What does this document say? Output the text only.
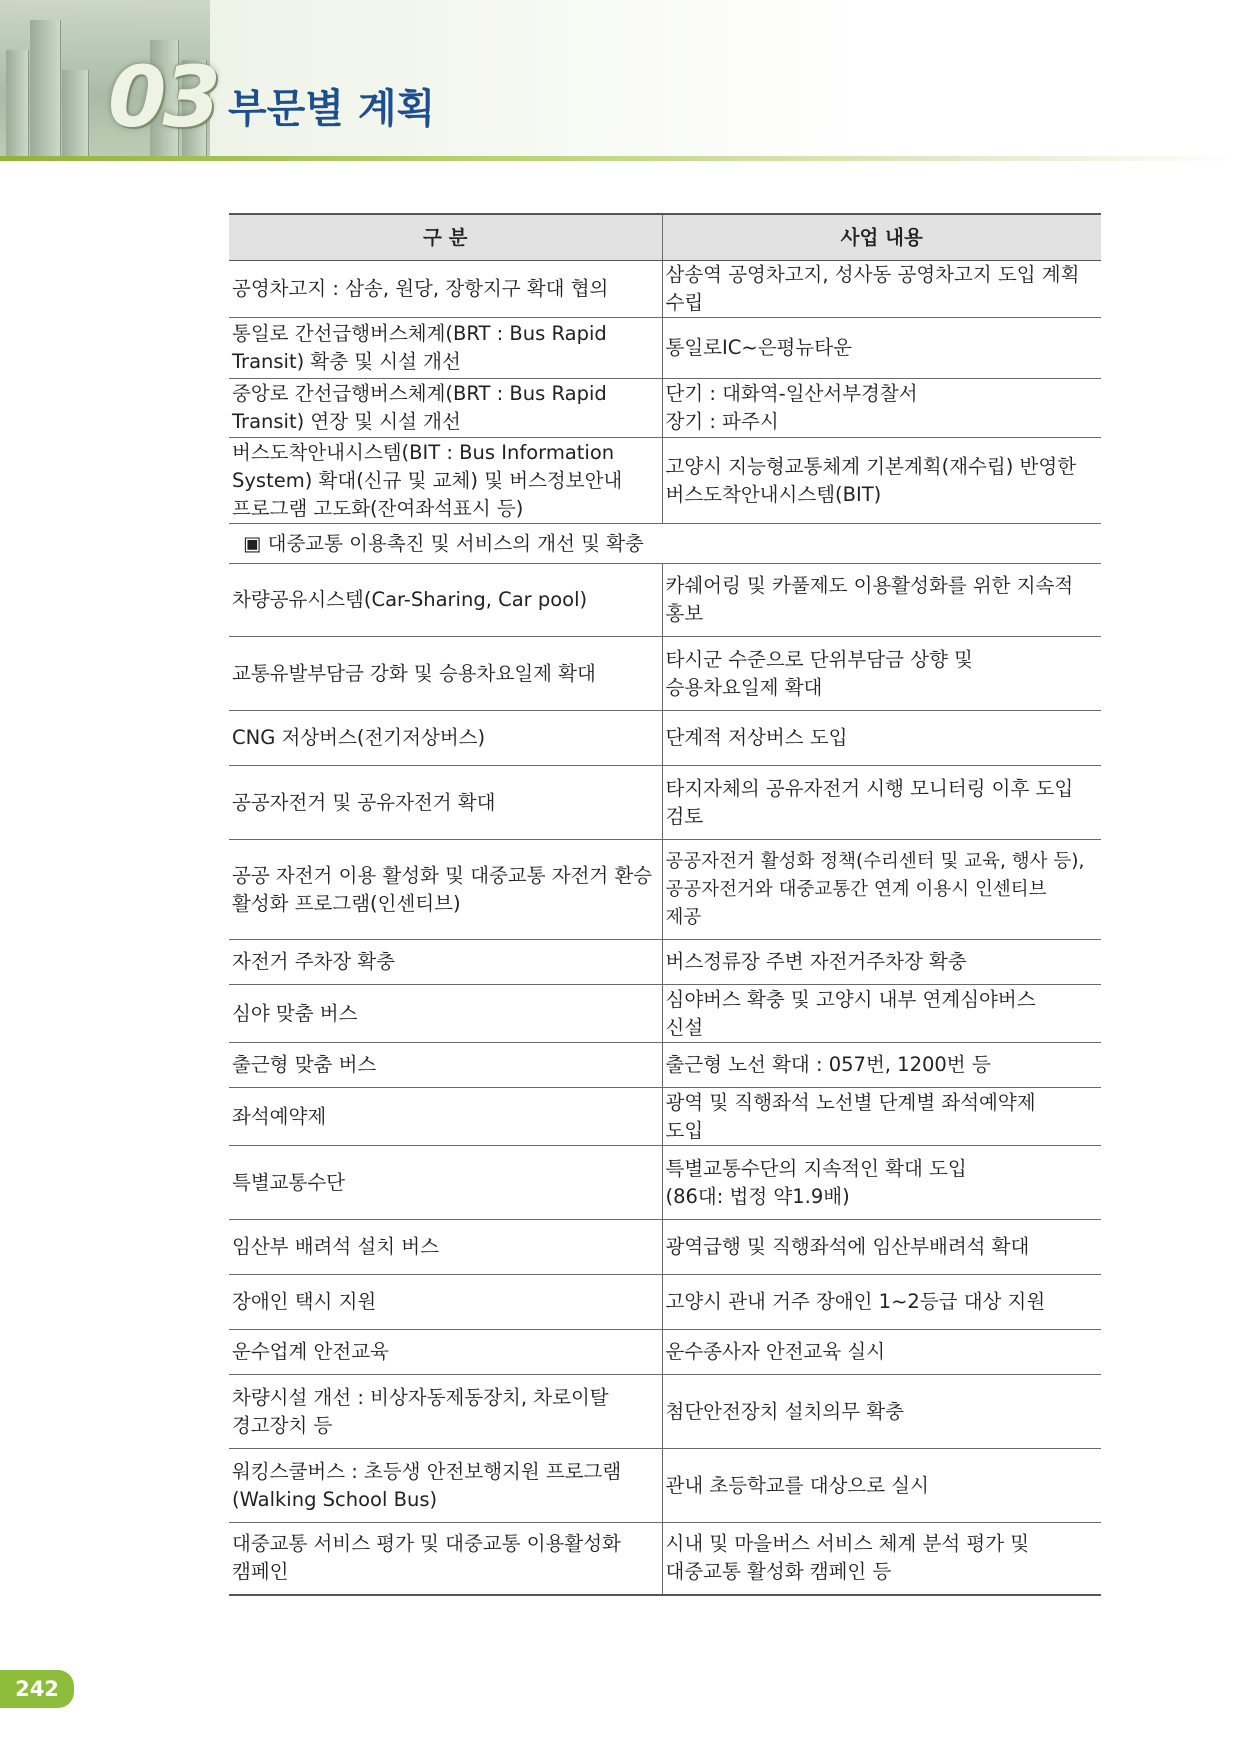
03 부문별 계획
구 분	사업 내용
공영차고지 : 삼송, 원당, 장항지구 확대 협의	삼송역 공영차고지, 성사동 공영차고지 도입 계획 수립
통일로 간선급행버스체계(BRT : Bus Rapid Transit) 확충 및 시설 개선	통일로IC~은평뉴타운
중앙로 간선급행버스체계(BRT : Bus Rapid Transit) 연장 및 시설 개선	단기 : 대화역-일산서부경찰서
장기 : 파주시
버스도착안내시스템(BIT : Bus Information System) 확대(신규 및 교체) 및 버스정보안내 프로그램 고도화(잔여좌석표시 등)	고양시 지능형교통체계 기본계획(재수립) 반영한 버스도착안내시스템(BIT)
▣ 대중교통 이용촉진 및 서비스의 개선 및 확충	
차량공유시스템(Car-Sharing, Car pool)	카쉐어링 및 카풀제도 이용활성화를 위한 지속적 홍보
교통유발부담금 강화 및 승용차요일제 확대	타시군 수준으로 단위부담금 상향 및
승용차요일제 확대
CNG 저상버스(전기저상버스)	단계적 저상버스 도입
공공자전거 및 공유자전거 확대	타지자체의 공유자전거 시행 모니터링 이후 도입 검토
공공 자전거 이용 활성화 및 대중교통 자전거 환승 활성화 프로그램(인센티브)	공공자전거 활성화 정책(수리센터 및 교육, 행사 등),
공공자전거와 대중교통간 연계 이용시 인센티브
제공
자전거 주차장 확충	버스정류장 주변 자전거주차장 확충
심야 맞춤 버스	심야버스 확충 및 고양시 내부 연계심야버스
신설
출근형 맞춤 버스	출근형 노선 확대 : 057번, 1200번 등
좌석예약제	광역 및 직행좌석 노선별 단계별 좌석예약제
도입
특별교통수단	특별교통수단의 지속적인 확대 도입
(86대: 법정 약1.9배)
임산부 배려석 설치 버스	광역급행 및 직행좌석에 임산부배려석 확대
장애인 택시 지원	고양시 관내 거주 장애인 1~2등급 대상 지원
운수업계 안전교육	운수종사자 안전교육 실시
차량시설 개선 : 비상자동제동장치, 차로이탈 경고장치 등	첨단안전장치 설치의무 확충
워킹스쿨버스 : 초등생 안전보행지원 프로그램 (Walking School Bus)	관내 초등학교를 대상으로 실시
대중교통 서비스 평가 및 대중교통 이용활성화 캠페인	시내 및 마을버스 서비스 체계 분석 평가 및
대중교통 활성화 캠페인 등
242
